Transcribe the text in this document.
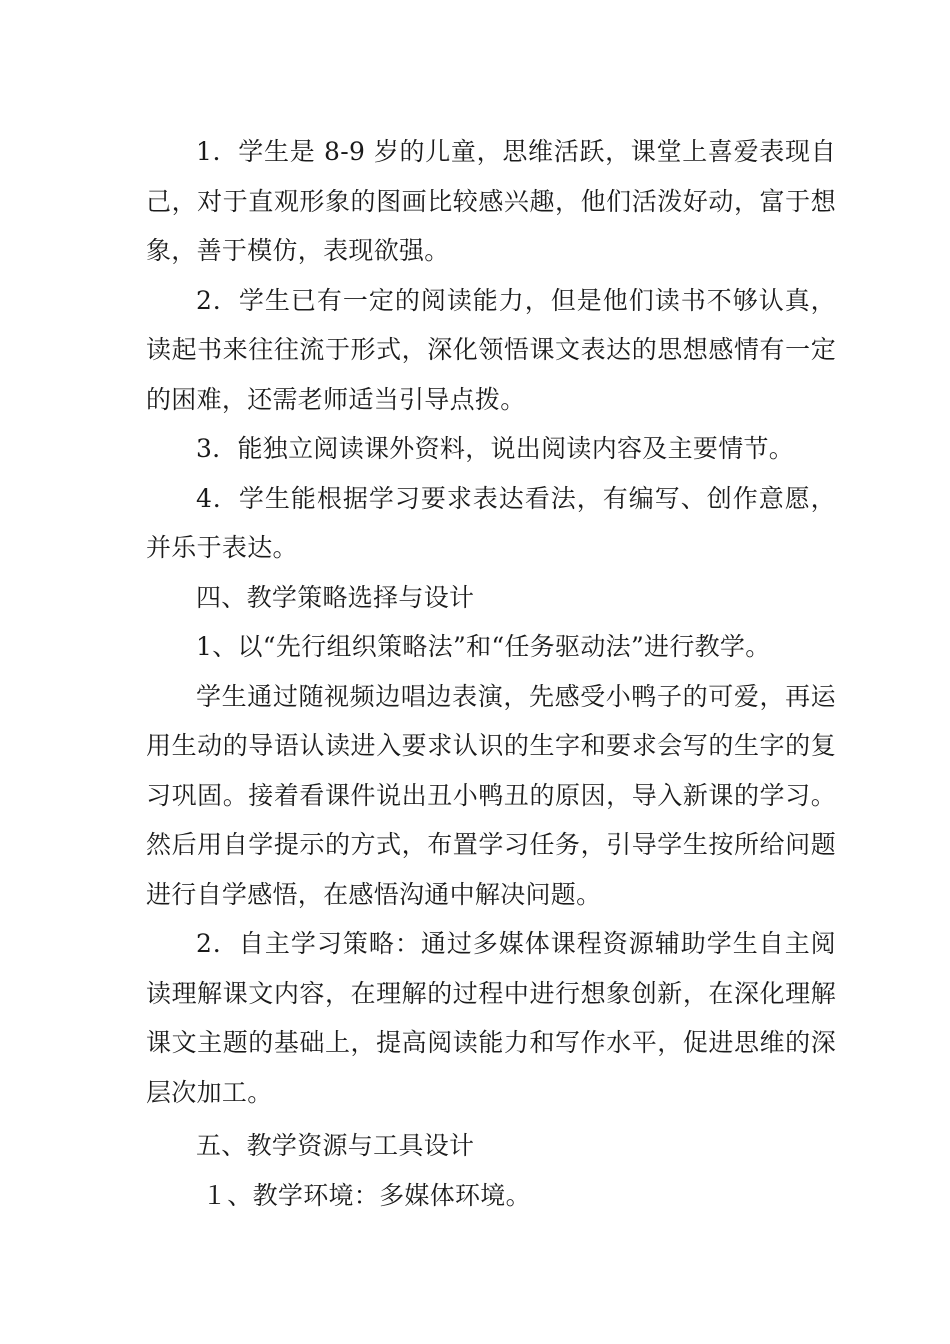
1．学生是 8-9 岁的儿童，思维活跃，课堂上喜爱表现自己，对于直观形象的图画比较感兴趣，他们活泼好动，富于想象，善于模仿，表现欲强。

2．学生已有一定的阅读能力，但是他们读书不够认真，读起书来往往流于形式，深化领悟课文表达的思想感情有一定的困难，还需老师适当引导点拨。

3．能独立阅读课外资料，说出阅读内容及主要情节。

4．学生能根据学习要求表达看法，有编写、创作意愿，并乐于表达。

四、教学策略选择与设计

1、以“先行组织策略法”和“任务驱动法”进行教学。

学生通过随视频边唱边表演，先感受小鸭子的可爱，再运用生动的导语认读进入要求认识的生字和要求会写的生字的复习巩固。接着看课件说出丑小鸭丑的原因，导入新课的学习。然后用自学提示的方式，布置学习任务，引导学生按所给问题进行自学感悟，在感悟沟通中解决问题。

2．自主学习策略：通过多媒体课程资源辅助学生自主阅读理解课文内容，在理解的过程中进行想象创新，在深化理解课文主题的基础上，提高阅读能力和写作水平，促进思维的深层次加工。

五、教学资源与工具设计

１、教学环境：多媒体环境。
